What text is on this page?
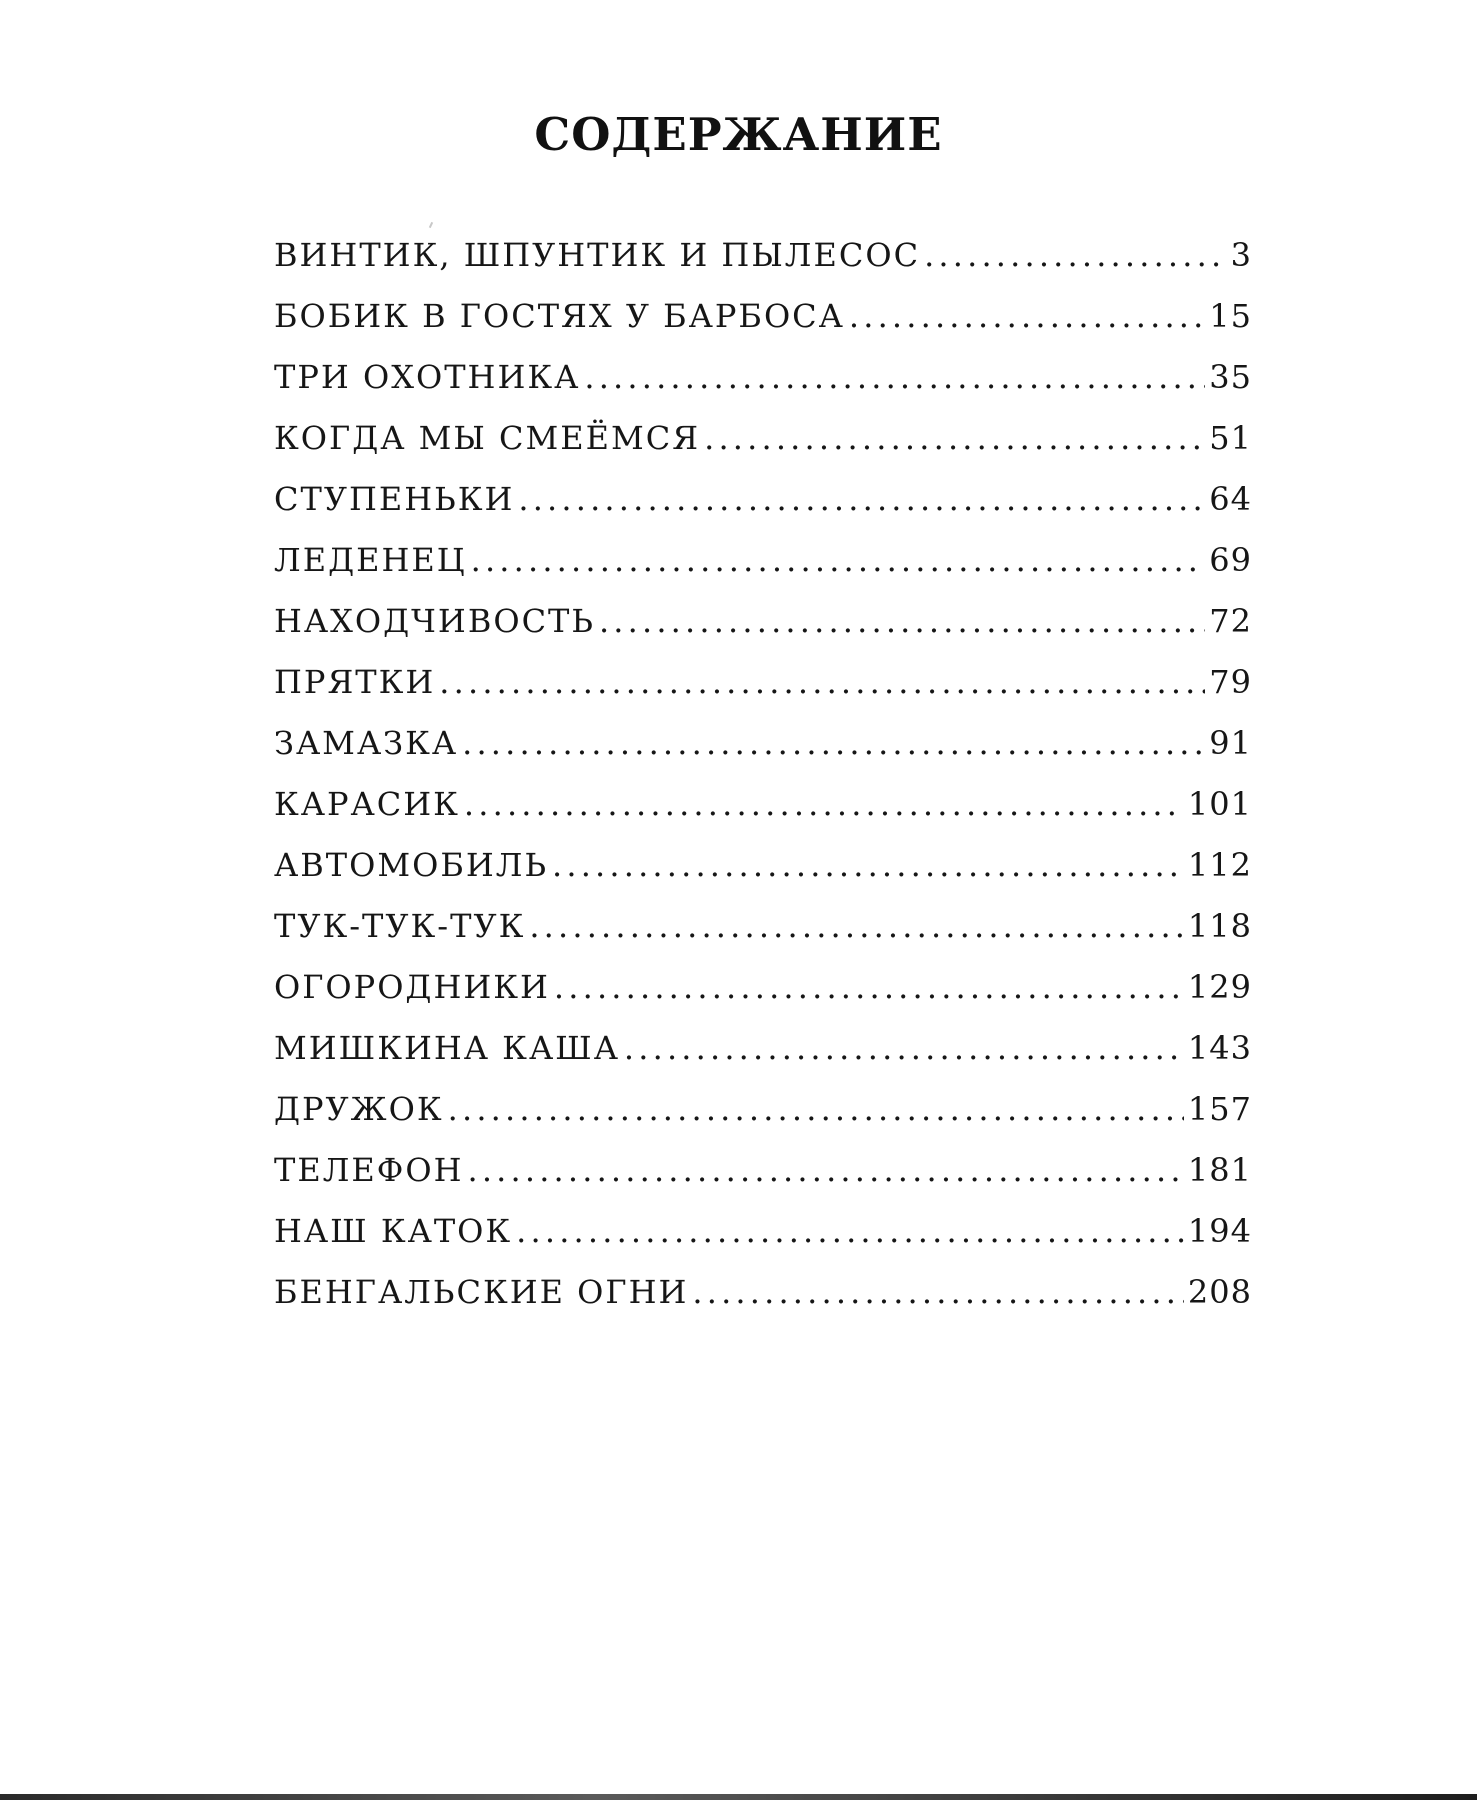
СОДЕРЖАНИЕ
ВИНТИК, ШПУНТИК И ПЫЛЕСОС . . .	3
БОБИК В ГОСТЯХ У БАРБОСА . . .	15
ТРИ ОХОТНИКА . . .	35
КОГДА МЫ СМЕЁМСЯ . . .	51
СТУПЕНЬКИ . . .	64
ЛЕДЕНЕЦ . . .	69
НАХОДЧИВОСТЬ . . .	72
ПРЯТКИ . . .	79
ЗАМАЗКА . . .	91
КАРАСИК . . .	101
АВТОМОБИЛЬ . . .	112
ТУК-ТУК-ТУК . . .	118
ОГОРОДНИКИ . . .	129
МИШКИНА КАША . . .	143
ДРУЖОК . . .	157
ТЕЛЕФОН . . .	181
НАШ КАТОК . . .	194
БЕНГАЛЬСКИЕ ОГНИ . . .	208
